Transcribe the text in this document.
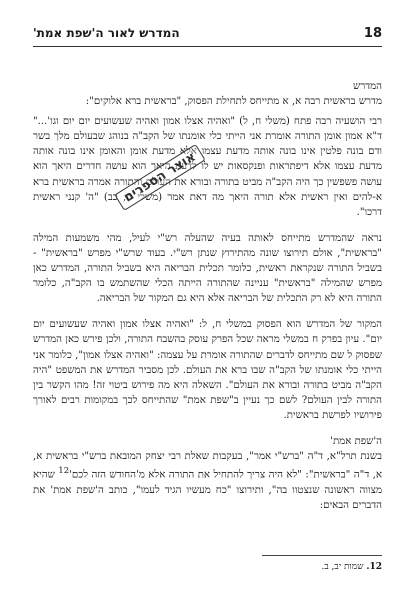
18
המדרש לאור ה'שפת אמת'

המדרש

מדרש בראשית רבה א, א מתייחס לתחילת הפסוק, "בראשית ברא אלוקים":

רבי הושעיה רבה פתח (משלי ח, ל) "ואהיה אצלו אמון ואהיה שעשועים יום יום וגו'..." ד"א אמון אומן התורה אומרת אני הייתי כלי אומנתו של הקב"ה בנוהג שבעולם מלך בשר ודם בונה פלטין אינו בונה אותה מדעת עצמו אלא מדעת אומן והאומן אינו בונה אותה מדעת עצמו אלא דיפתראות ופנקסאות יש לו לדעת היאך הוא עושה חדרים היאך הוא עושה פשפשין כך היה הקב"ה מביט בתורה ובורא את העולם והתורה אמרה בראשית ברא א-להים ואין ראשית אלא תורה היאך מה דאת אמר (משלי ח, כב) "ה' קנני ראשית דרכו".

נראה שהמדרש מתייחס לאותה בעיה שהעלה רש"י לעיל, מהי משמעות המילה "בראשית", אולם תירוצו שונה מהתירוץ שנתן רש"י. בעוד שרש"י מפרש "בראשית" - בשביל התורה שנקראת ראשית, כלומר תכלית הבריאה היא בשביל התורה, המדרש כאן מפרש שהמילה "בראשית" עניינה שהתורה הייתה הכלי שהשתמש בו הקב"ה, כלומר התורה היא לא רק התכלית של הבריאה אלא היא גם המקור של הבריאה.

המקור של המדרש הוא הפסוק במשלי ח, ל: "ואהיה אצלו אמון ואהיה שעשועים יום יום". עיון בפרק ח במשלי מראה שכל הפרק עוסק בהשבח התורה, ולכן פירש כאן המדרש שפסוק ל שם מתייחס לדברים שהתורה אומרת על עצמה: "ואהיה אצלו אמון", כלומר אני הייתי כלי אומנתו של הקב"ה שבו ברא את העולם. לכן מסביר המדרש את המשפט "היה הקב"ה מביט בתורה ובורא את העולם". השאלה היא מה פירוש ביטוי זה! מהו הקשר בין התורה לבין העולם? לשם כך נעיין ב"שפת אמת" שהתייחס לכך במקומות רבים לאורך פירושיו לפרשת בראשית.

ה'שפת אמת'

בשנת תרל"א, ד"ה "ברש"י אמר", בעקבות שאלת רבי יצחק המובאת ברש"י בראשית א, א, ד"ה "בראשית": "לא היה צריך להתחיל את התורה אלא מ'החודש הזה $לכם'^{12}$ שהיא מצווה ראשונה שנצטוו בה", ותירוצו "כח מעשיו הגיד לעמו", כותב ה'שפת אמת' את הדברים הבאים:

אוצר הספרים
12. שמות יב, ב.
